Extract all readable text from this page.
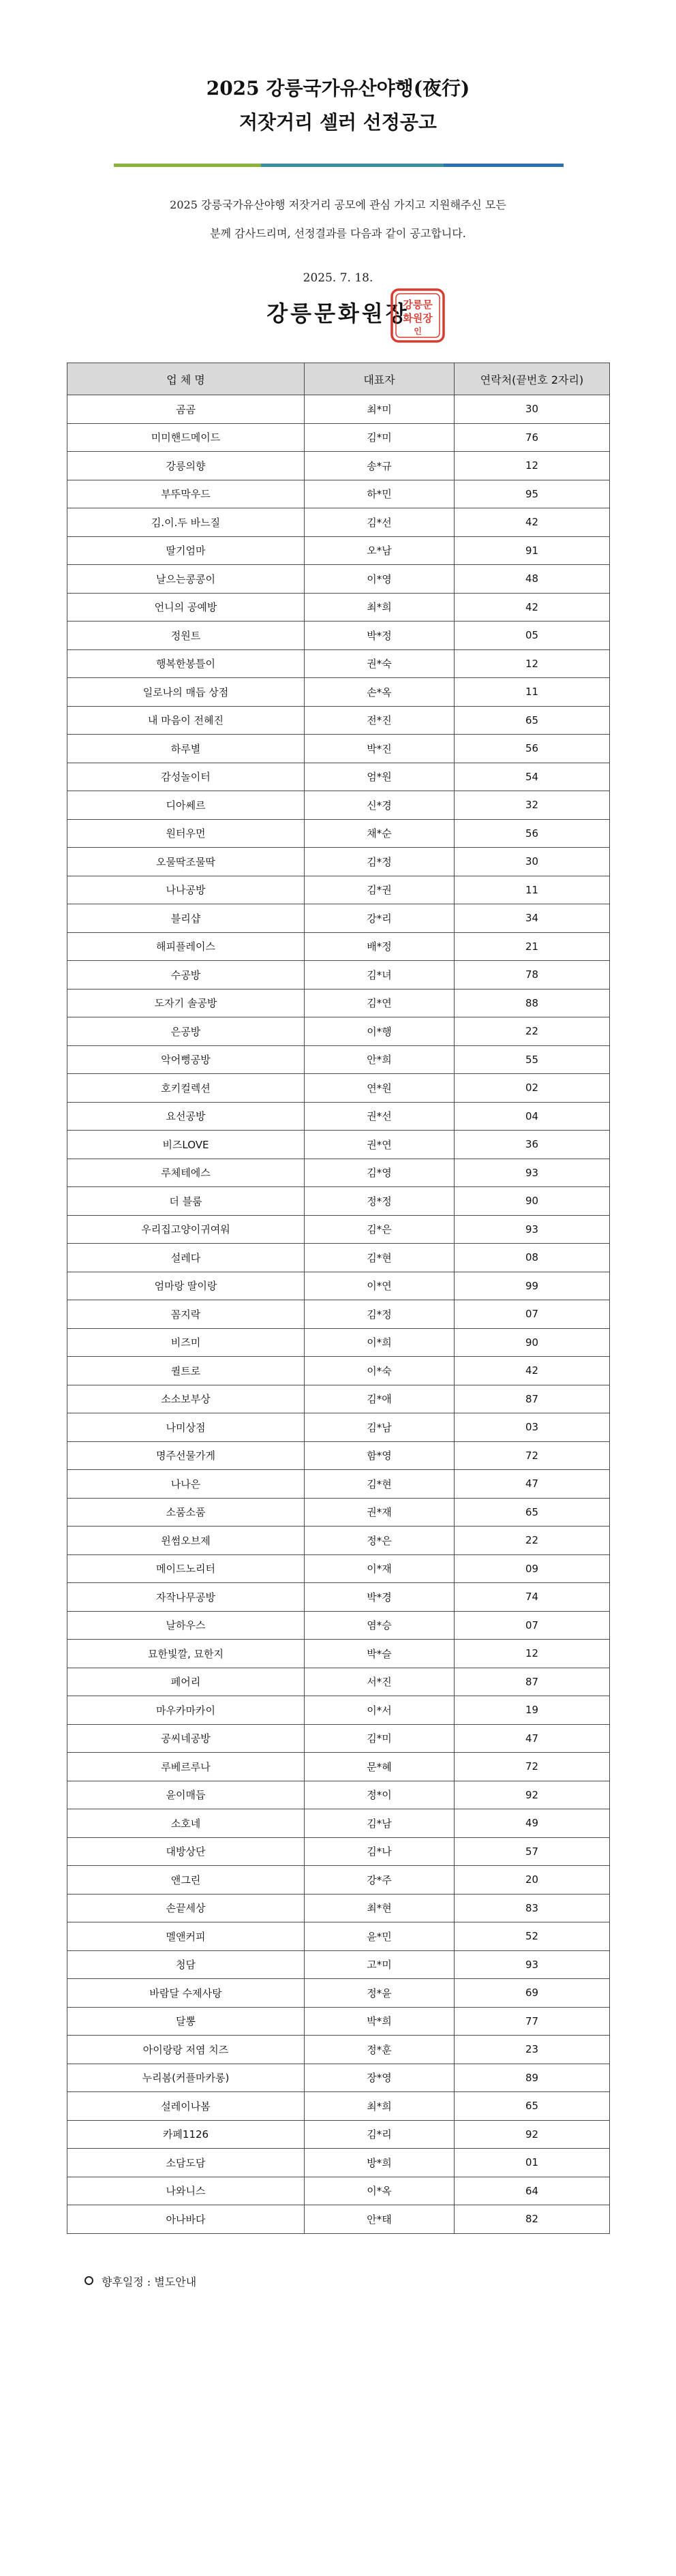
2025 강릉국가유산야행(夜行)
저잣거리 셀러 선정공고
2025 강릉국가유산야행 저잣거리 공모에 관심 가지고 지원해주신 모든
분께 감사드리며, 선정결과를 다음과 같이 공고합니다.
2025. 7. 18.
강릉문화원장
강릉문
화원장
인
업 체 명	대표자	연락처(끝번호 2자리)
곰곰	최*미	30
미미핸드메이드	김*미	76
강릉의향	송*규	12
부뚜막우드	하*민	95
김.이.두 바느질	김*선	42
딸기엄마	오*남	91
날으는콩콩이	이*영	48
언니의 공예방	최*희	42
정원트	박*정	05
행복한봉틀이	권*숙	12
일로나의 매듭 상점	손*옥	11
내 마음이 전혜진	전*진	65
하루별	박*진	56
감성놀이터	엄*원	54
디아쎄르	신*경	32
원터우먼	채*순	56
오물딱조물딱	김*정	30
나나공방	김*권	11
블리샵	강*리	34
해피플레이스	배*정	21
수공방	김*녀	78
도자기 솔공방	김*연	88
은공방	이*행	22
악어뻥공방	안*희	55
호키컬렉션	연*원	02
요선공방	권*선	04
비즈LOVE	권*연	36
루체테에스	김*영	93
더 블룸	정*정	90
우리집고양이귀여워	김*은	93
설레다	김*현	08
엄마랑 딸이랑	이*연	99
꼼지락	김*정	07
비즈미	이*희	90
퀼트로	이*숙	42
소소보부상	김*애	87
나미상점	김*남	03
명주선물가게	함*영	72
나나은	김*현	47
소품소품	권*재	65
윈썸오브제	정*은	22
메이드노리터	이*재	09
자작나무공방	박*경	74
날하우스	염*승	07
묘한빛깔, 묘한지	박*슬	12
페어리	서*진	87
마우카마카이	이*서	19
공씨네공방	김*미	47
루베르루나	문*혜	72
윤이매듭	정*이	92
소호네	김*남	49
대방상단	김*나	57
앤그린	강*주	20
손끝세상	최*현	83
멜앤커피	윤*민	52
청담	고*미	93
바람달 수제사탕	정*윤	69
달뽕	박*희	77
아이랑랑 저염 치즈	정*훈	23
누리봄(커플마카롱)	장*영	89
설레이나봄	최*희	65
카페1126	김*리	92
소담도담	방*희	01
나와니스	이*옥	64
아나바다	안*태	82
향후일정 : 별도안내
